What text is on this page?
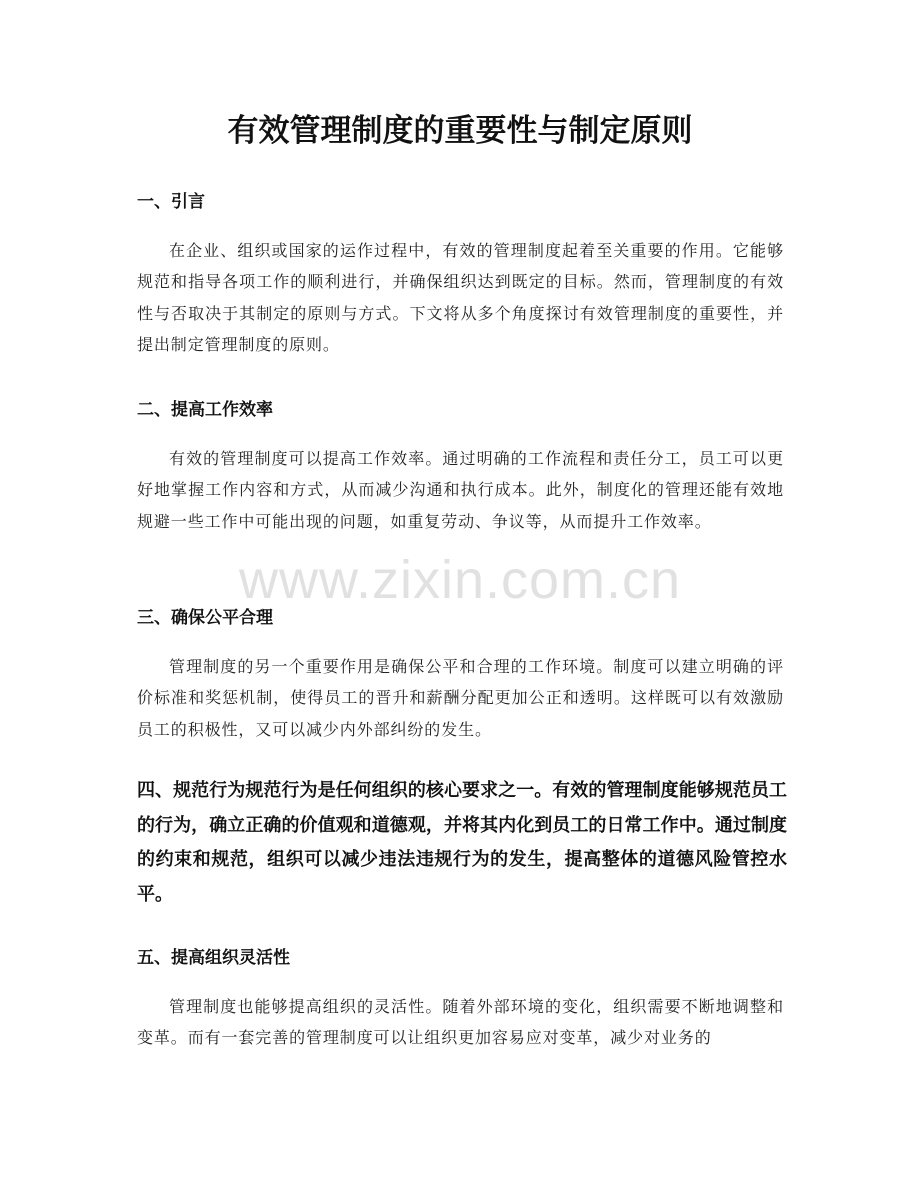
有效管理制度的重要性与制定原则
一、引言

在企业、组织或国家的运作过程中，有效的管理制度起着至关重要的作用。它能够规范和指导各项工作的顺利进行，并确保组织达到既定的目标。然而，管理制度的有效性与否取决于其制定的原则与方式。下文将从多个角度探讨有效管理制度的重要性，并提出制定管理制度的原则。

二、提高工作效率

有效的管理制度可以提高工作效率。通过明确的工作流程和责任分工，员工可以更好地掌握工作内容和方式，从而减少沟通和执行成本。此外，制度化的管理还能有效地规避一些工作中可能出现的问题，如重复劳动、争议等，从而提升工作效率。

三、确保公平合理

管理制度的另一个重要作用是确保公平和合理的工作环境。制度可以建立明确的评价标准和奖惩机制，使得员工的晋升和薪酬分配更加公正和透明。这样既可以有效激励员工的积极性，又可以减少内外部纠纷的发生。

四、规范行为规范行为是任何组织的核心要求之一。有效的管理制度能够规范员工的行为，确立正确的价值观和道德观，并将其内化到员工的日常工作中。通过制度的约束和规范，组织可以减少违法违规行为的发生，提高整体的道德风险管控水平。

五、提高组织灵活性

管理制度也能够提高组织的灵活性。随着外部环境的变化，组织需要不断地调整和变革。而有一套完善的管理制度可以让组织更加容易应对变革，减少对业务的

www.zixin.com.cn
